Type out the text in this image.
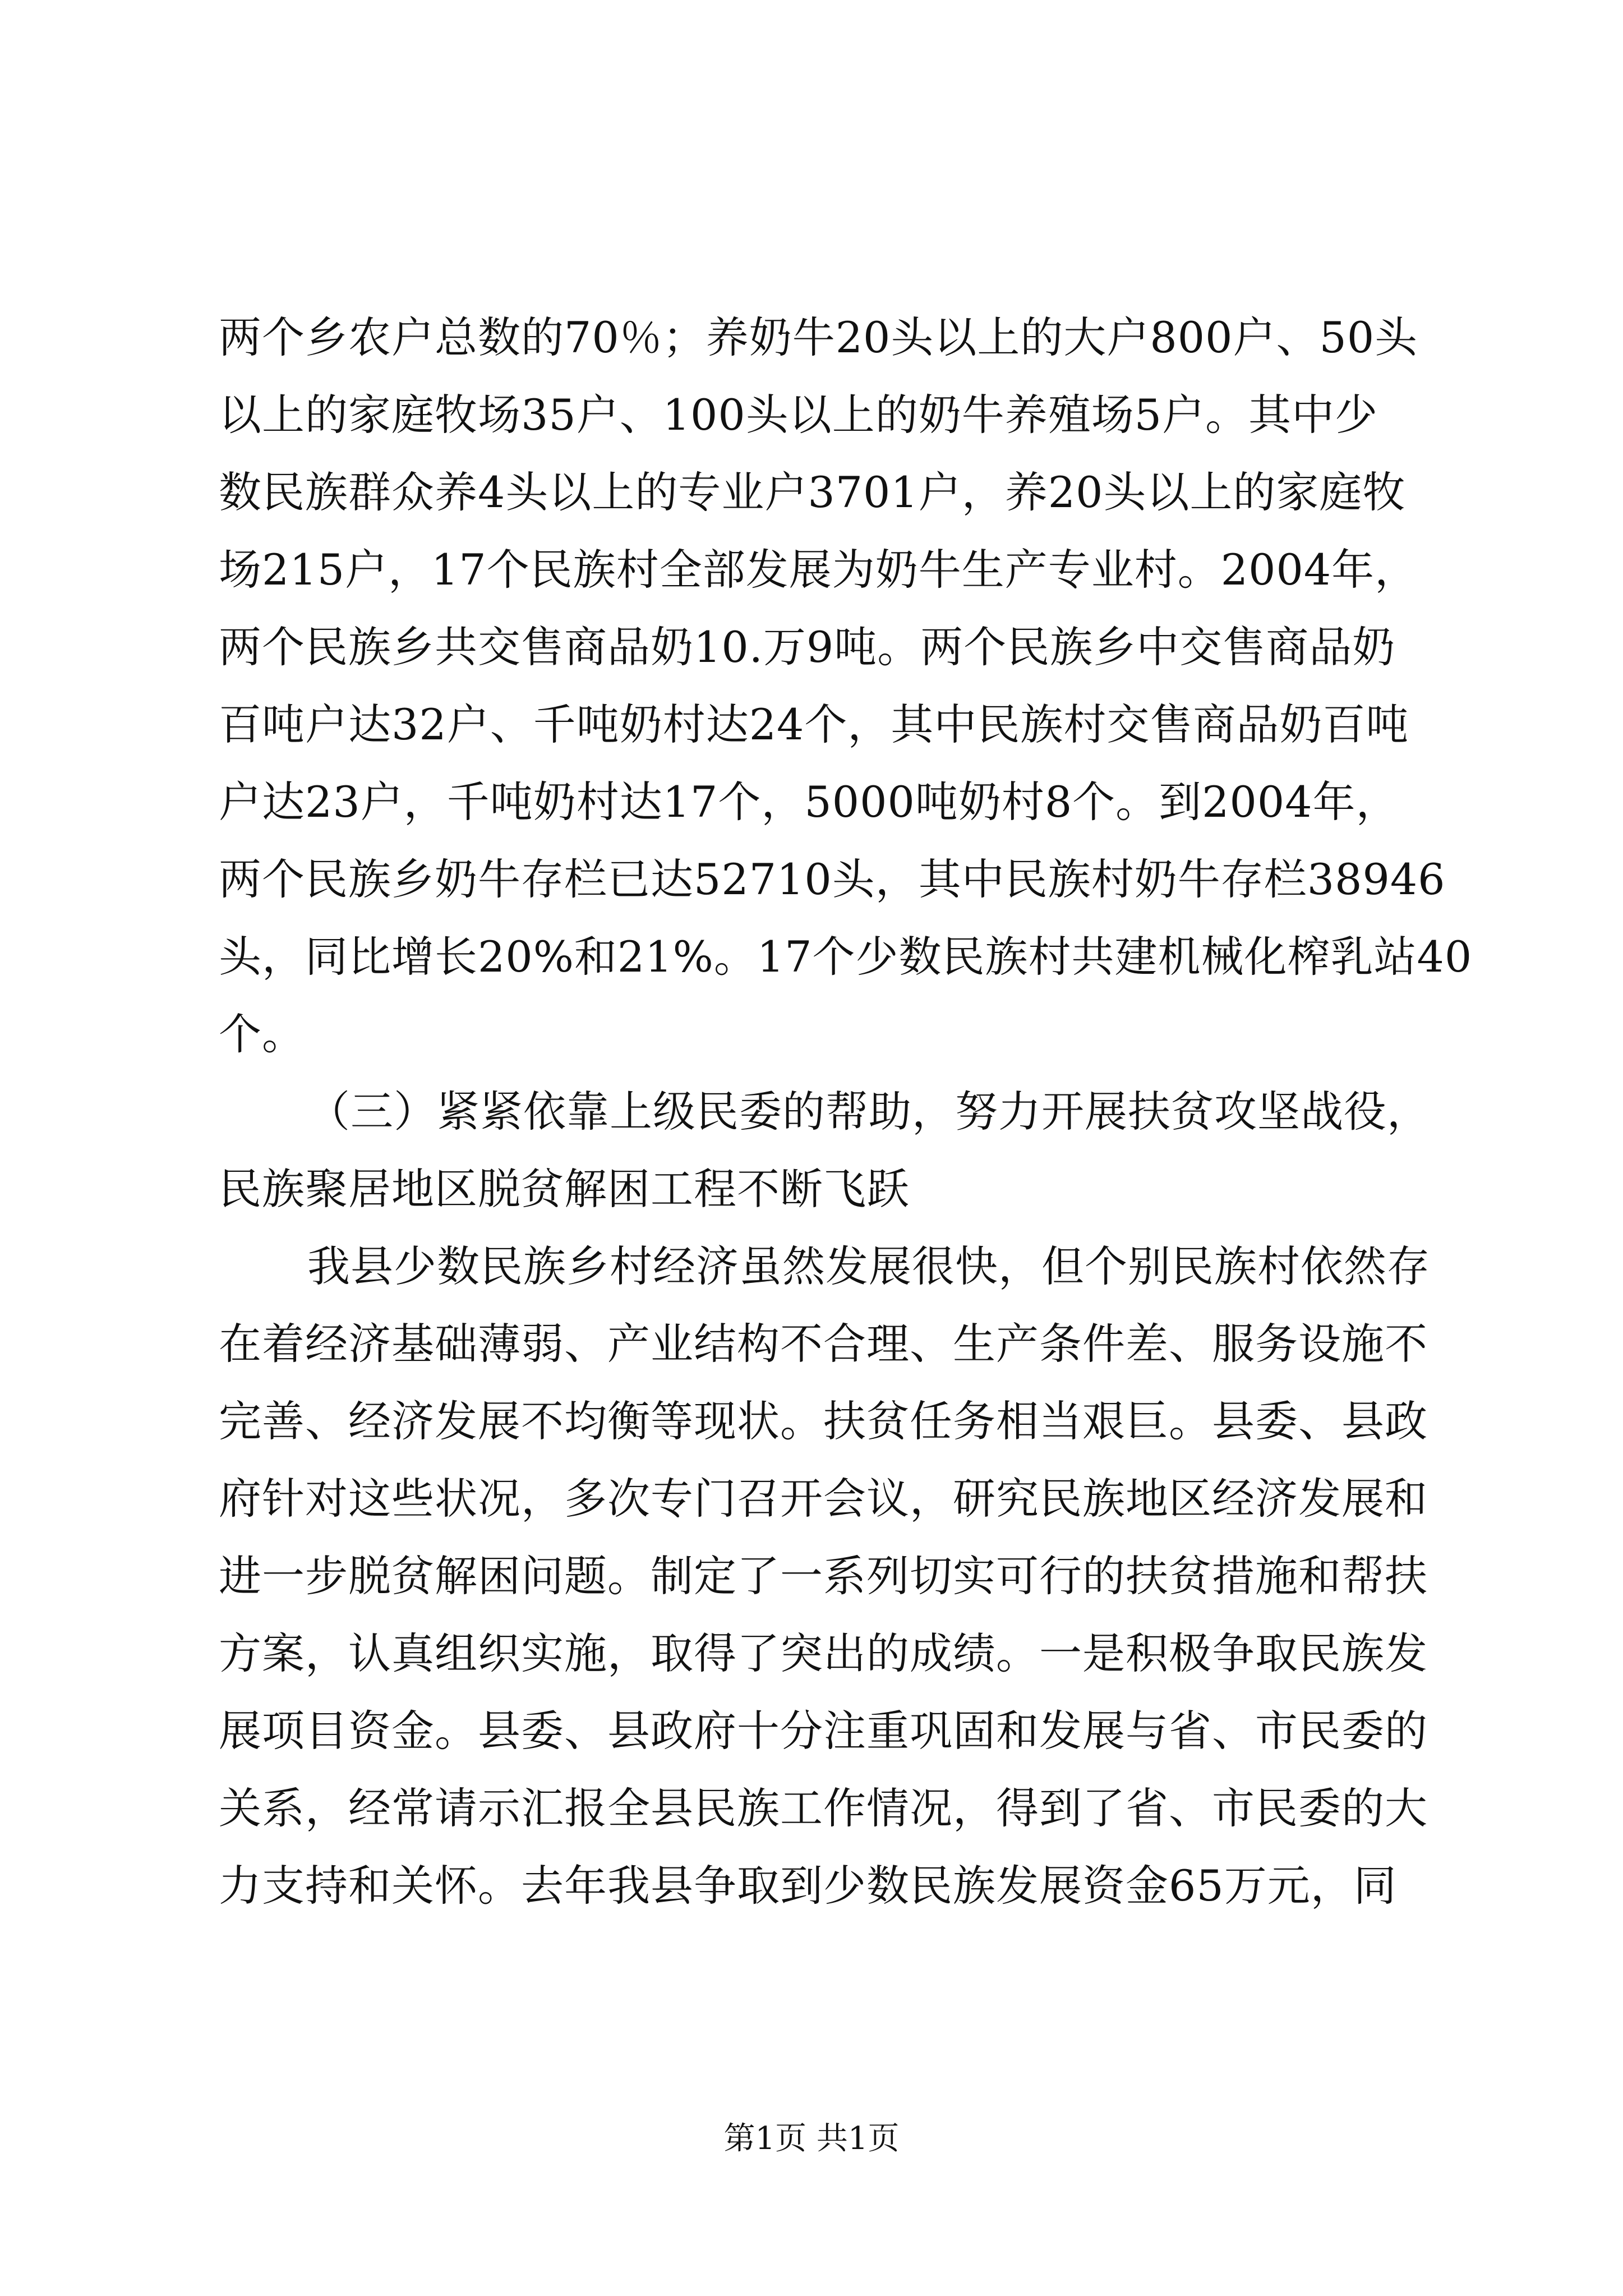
两个乡农户总数的70％；养奶牛20头以上的大户800户、50头
以上的家庭牧场35户、100头以上的奶牛养殖场5户。其中少
数民族群众养4头以上的专业户3701户，养20头以上的家庭牧
场215户，17个民族村全部发展为奶牛生产专业村。2004年，
两个民族乡共交售商品奶10.万9吨。两个民族乡中交售商品奶
百吨户达32户、千吨奶村达24个，其中民族村交售商品奶百吨
户达23户，千吨奶村达17个，5000吨奶村8个。到2004年，
两个民族乡奶牛存栏已达52710头，其中民族村奶牛存栏38946
头，同比增长20%和21%。17个少数民族村共建机械化榨乳站40
个。
（三）紧紧依靠上级民委的帮助，努力开展扶贫攻坚战役，
民族聚居地区脱贫解困工程不断飞跃
我县少数民族乡村经济虽然发展很快，但个别民族村依然存
在着经济基础薄弱、产业结构不合理、生产条件差、服务设施不
完善、经济发展不均衡等现状。扶贫任务相当艰巨。县委、县政
府针对这些状况，多次专门召开会议，研究民族地区经济发展和
进一步脱贫解困问题。制定了一系列切实可行的扶贫措施和帮扶
方案，认真组织实施，取得了突出的成绩。一是积极争取民族发
展项目资金。县委、县政府十分注重巩固和发展与省、市民委的
关系，经常请示汇报全县民族工作情况，得到了省、市民委的大
力支持和关怀。去年我县争取到少数民族发展资金65万元，同
第1页 共1页
